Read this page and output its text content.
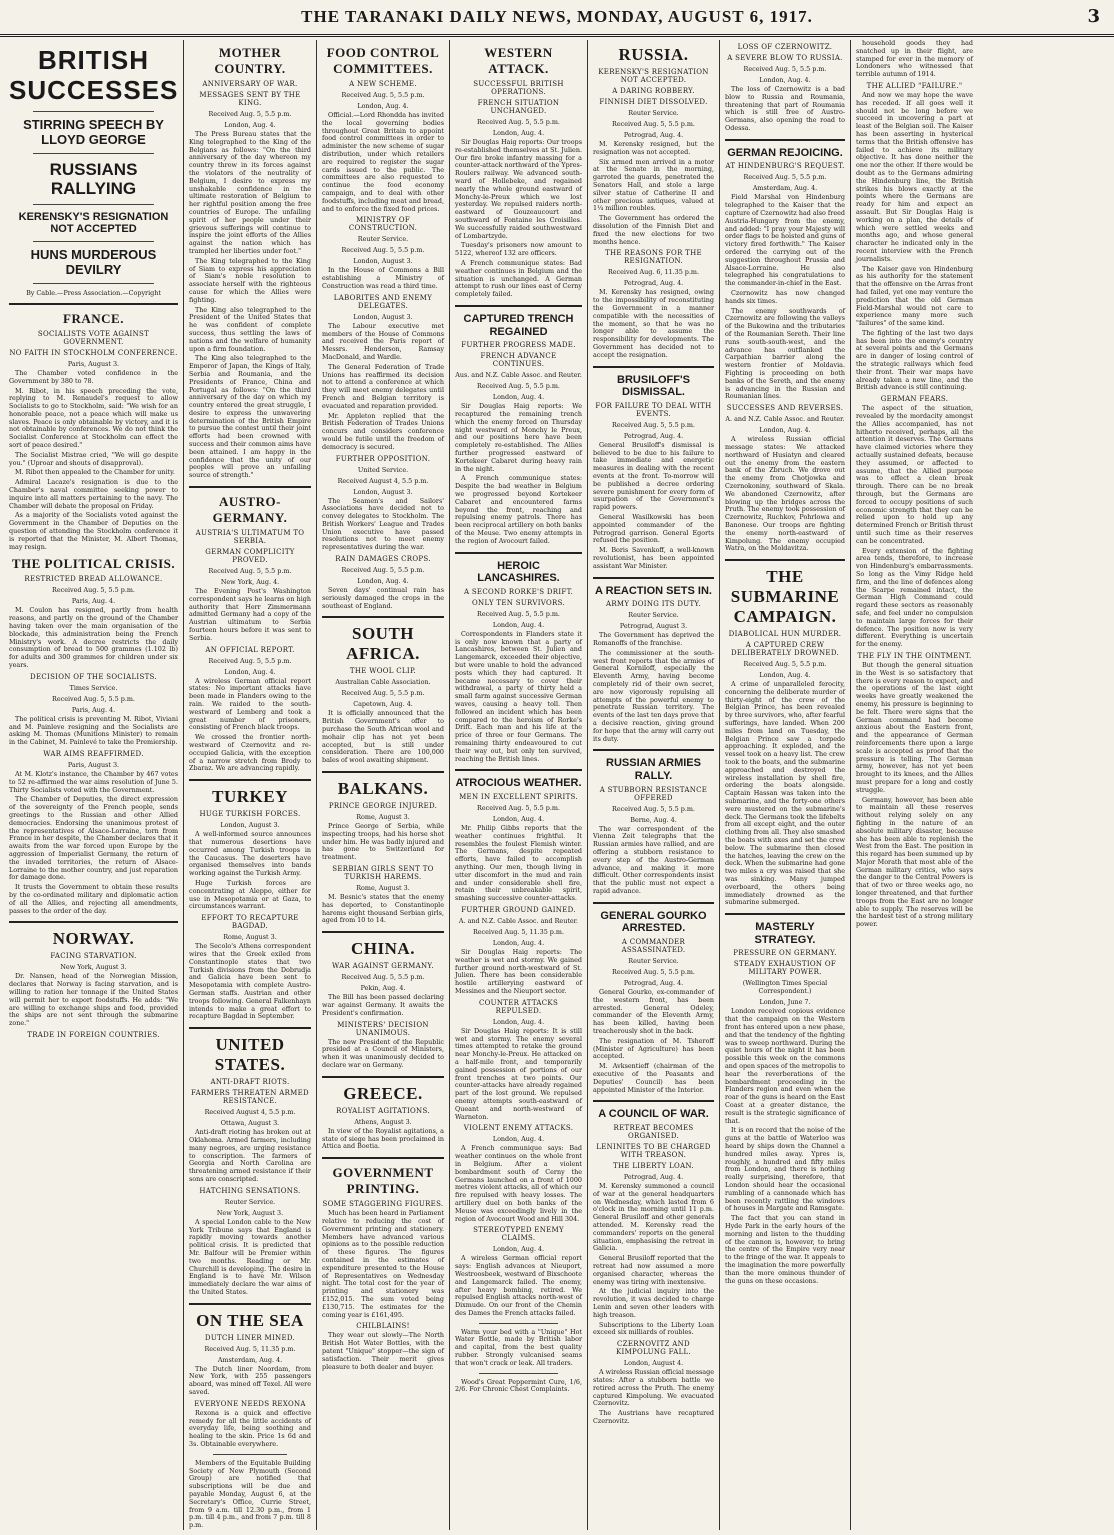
THE TARANAKI DAILY NEWS, MONDAY, AUGUST 6, 1917.	3
BRITISH SUCCESSES
STIRRING SPEECH BY LLOYD GEORGE
RUSSIANS RALLYING
KERENSKY'S RESIGNATION NOT ACCEPTED
HUNS MURDEROUS DEVILRY
By Cable.—Press Association.—Copyright
FRANCE.
SOCIALISTS VOTE AGAINST GOVERNMENT.
NO FAITH IN STOCKHOLM CONFERENCE.
Paris, August 3.

The Chamber voted confidence in the Government by 380 to 78.

M. Ribot, in his speech preceding the vote, replying to M. Renaudel's request to allow Socialists to go to Stockholm, said: "We wish for an honorable peace, not a peace which will make us slaves. Peace is only obtainable by victory, and it is not obtainable by conferences. We do not think the Socialist Conference at Stockholm can effect the sort of peace desired."

The Socialist Mistrae cried, "We will go despite you." (Uproar and shouts of disapproval).

M. Ribot then appealed to the Chamber for unity.

Admiral Lacaze's resignation is due to the Chamber's naval committee seeking power to inquire into all matters pertaining to the navy. The Chamber will debate the proposal on Friday.

As a majority of the Socialists voted against the Government in the Chamber of Deputies on the question of attending the Stockholm conference it is reported that the Minister, M. Albert Thomas, may resign.

THE POLITICAL CRISIS.
RESTRICTED BREAD ALLOWANCE.
Received Aug. 5, 5.5 p.m.
Paris, Aug. 4.

M. Coulon has resigned, partly from health reasons, and partly on the ground of the Chamber having taken over the main organisation of the blockade, this administration being the French Ministry's work. A decree restricts the daily consumption of bread to 500 grammes (1.102 lb) for adults and 300 grammes for children under six years.

DECISION OF THE SOCIALISTS.
Times Service.
Received Aug. 5, 5.5 p.m.
Paris, Aug. 4.

The political crisis is preventing M. Ribot, Viviani and M. Painleve resigning and the Socialists are asking M. Thomas (Munitions Minister) to remain in the Cabinet, M. Painlevé to take the Premiership.

WAR AIMS REAFFIRMED.
Paris, August 3.

At M. Klotz's instance, the Chamber by 467 votes to 52 re-affirmed the war aims resolution of June 5. Thirty Socialists voted with the Government.

The Chamber of Deputies, the direct expression of the sovereignty of the French people, sends greetings to the Russian and other Allied democracies. Endorsing the unanimous protest of the representatives of Alsace-Lorraine, torn from France in her despite, the Chamber declares that it awaits from the war forced upon Europe by the aggression of Imperialist Germany, the return of the invaded territories, the return of Alsace-Lorraine to the mother country, and just reparation for damage done.

It trusts the Government to obtain these results by the co-ordinated military and diplomatic action of all the Allies, and rejecting all amendments, passes to the order of the day.

NORWAY.
FACING STARVATION.
New York, August 3.

Dr. Nansen, head of the Norwegian Mission, declares that Norway is facing starvation, and is willing to ration her tonnage if the United States will permit her to export foodstuffs. He adds: "We are willing to exchange ships and food, provided the ships are not sent through the submarine zone."

TRADE IN FOREIGN COUNTRIES.
MOTHER COUNTRY.
ANNIVERSARY OF WAR.
MESSAGES SENT BY THE KING.
Received Aug. 5, 5.5 p.m.
London, Aug. 4.

The Press Bureau states that the King telegraphed to the King of the Belgians as follows: "On the third anniversary of the day whereon my country threw in its forces against the violators of the neutrality of Belgium, I desire to express my unshakable confidence in the ultimate restoration of Belgium to her rightful position among the free countries of Europe. The unfailing spirit of her people under their grievous sufferings will continue to inspire the joint efforts of the Allies against the nation which has trampled her liberties under foot."

The King telegraphed to the King of Siam to express his appreciation of Siam's noble resolution to associate herself with the righteous cause for which the Allies were fighting.

The King also telegraphed to the President of the United States that he was confident of complete success, thus settling the laws of nations and the welfare of humanity upon a firm foundation.

The King also telegraphed to the Emperor of Japan, the Kings of Italy, Serbia and Roumania, and the Presidents of France, China and Portugal as follows: "On the third anniversary of the day on which my country entered the great struggle, I desire to express the unwavering determination of the British Empire to pursue the contest until their joint efforts had been crowned with success and their common aims have been attained. I am happy in the confidence that the unity of our peoples will prove an unfailing source of strength."

AUSTRO-GERMANY.
AUSTRIA'S ULTIMATUM TO SERBIA.
GERMAN COMPLICITY PROVED.
Received Aug. 5, 5.5 p.m.
New York, Aug. 4.

The Evening Post's Washington correspondent says he learns on high authority that Herr Zimmermann admitted Germany had a copy of the Austrian ultimatum to Serbia fourteen hours before it was sent to Serbia.

AN OFFICIAL REPORT.
Received Aug. 5, 5.5 p.m.
London, Aug. 4.

A wireless German official report states: No important attacks have been made in Flanders owing to the rain. We raided to the south-westward of Lemberg and took a great number of prisoners, consisting of French black troops.

We crossed the frontier north-westward of Czernovitz and re-occupied Galicia, with the exception of a narrow stretch from Brody to Zbaraz. We are advancing rapidly.

TURKEY
HUGE TURKISH FORCES.
London, August 3.

A well-informed source announces that numerous desertions have occurred among Turkish troops in the Caucasus. The deserters have organised themselves into bands working against the Turkish Army.

Huge Turkish forces are concentrating at Aleppo, either for use in Mesopotamia or at Gaza, to circumstances warrant.

EFFORT TO RECAPTURE BAGDAD.
Rome, August 3.

The Secolo's Athens correspondent wires that the Greek exiled from Constantinople states that two Turkish divisions from the Dobrudja and Galicia have been sent to Mesopotamia with complete Austro-German staffs. Austrian and other troops following. General Falkenhayn intends to make a great effort to recapture Bagdad in September.

UNITED STATES.
ANTI-DRAFT RIOTS.
FARMERS THREATEN ARMED RESISTANCE.
Received August 4, 5.5 p.m.
Ottawa, August 3.

Anti-draft rioting has broken out at Oklahoma. Armed farmers, including many negroes, are urging resistance to conscription. The farmers of Georgia and North Carolina are threatening armed resistance if their sons are conscripted.

HATCHING SENSATIONS.
Reuter Service.
New York, August 3.

A special London cable to the New York Tribune says that England is rapidly moving towards another political crisis. It is predicted that Mr. Balfour will be Premier within two months. Reading or Mr. Churchill is developing. The desire in England is to have Mr. Wilson immediately declare the war aims of the United States.

ON THE SEA
DUTCH LINER MINED.
Received Aug. 5, 11.35 p.m.
Amsterdam, Aug. 4.

The Dutch liner Noordam, from New York, with 255 passengers aboard, was mined off Texel. All were saved.

EVERYONE NEEDS REXONA

Rexona is a quick and effective remedy for all the little accidents of everyday life, being soothing and healing to the skin. Price 1s 6d and 3s. Obtainable everywhere.

Members of the Equitable Building Society of New Plymouth (Second Group) are notified that subscriptions will be due and payable Monday, August 6, at the Secretary's Office, Currie Street, from 9 a.m. till 12.30 p.m., from 1 p.m. till 4 p.m., and from 7 p.m. till 8 p.m.

FOOD CONTROL COMMITTEES.
A NEW SCHEME.
Received Aug. 5, 5.5 p.m.
London, Aug. 4.

Official.—Lord Rhondda has invited the local governing bodies throughout Great Britain to appoint food control committees in order to administer the new scheme of sugar distribution, under which retailers are required to register the sugar cards issued to the public. The committees are also requested to continue the food economy campaign, and to deal with other foodstuffs, including meat and bread, and to enforce the fixed food prices.

MINISTRY OF CONSTRUCTION.
Reuter Service.
Received Aug. 5, 5.5 p.m.
London, August 3.

In the House of Commons a Bill establishing a Ministry of Construction was read a third time.

LABORITES AND ENEMY DELEGATES.
London, August 3.

The Labour executive met members of the House of Commons and received the Paris report of Messrs. Henderson, Ramsay MacDonald, and Wardle.

The General Federation of Trade Unions has reaffirmed its decision not to attend a conference at which they will meet enemy delegates until French and Belgian territory is evacuated and reparation provided.

Mr. Appleton replied that the British Federation of Trades Unions concurs and considers conference would be futile until the freedom of democracy is secured.

FURTHER OPPOSITION.
United Service.
Received August 4, 5.5 p.m.
London, August 3.

The Seamen's and Sailors' Associations have decided not to convey delegates to Stockholm. The British Workers' League and Trades Union executive have passed resolutions not to meet enemy representatives during the war.

RAIN DAMAGES CROPS.
Received Aug. 5, 5.5 p.m.
London, Aug. 4.

Seven days' continual rain has seriously damaged the crops in the southeast of England.

SOUTH AFRICA.
THE WOOL CLIP.
Australian Cable Association.
Received Aug. 5, 5.5 p.m.
Capetown, Aug. 4.

It is officially announced that the British Government's offer to purchase the South African wool and mohair clip has not yet been accepted, but is still under consideration. There are 100,000 bales of wool awaiting shipment.

BALKANS.
PRINCE GEORGE INJURED.
Rome, August 3.

Prince George of Serbia, while inspecting troops, had his horse shot under him. He was badly injured and has gone to Switzerland for treatment.

SERBIAN GIRLS SENT TO TURKISH HAREMS.
Rome, August 3.

M. Besnic's states that the enemy has deported, to Constantinople harems eight thousand Serbian girls, aged from 10 to 14.

CHINA.
WAR AGAINST GERMANY.
Received Aug. 5, 5.5 p.m.
Pekin, Aug. 4.

The Bill has been passed declaring war against Germany. It awaits the President's confirmation.

MINISTERS' DECISION UNANIMOUS.

The new President of the Republic presided at a Council of Ministers, when it was unanimously decided to declare war on Germany.

GREECE.
ROYALIST AGITATIONS.
Athens, August 3.

In view of the Royalist agitations, a state of siege has been proclaimed in Attica and Boetia.

GOVERNMENT PRINTING.
SOME STAGGERING FIGURES.

Much has been heard in Parliament relative to reducing the cost of Government printing and stationery. Members have advanced various opinions as to the possible reduction of these figures. The figures contained in the estimates of expenditure presented to the House of Representatives on Wednesday night. The total cost for the year of printing and stationery was £152,015. The sum voted being £130,715. The estimates for the coming year is £161,495.

CHILBLAINS!

They wear out slowly—The North British Hot Water Bottles, with the patent "Unique" stopper—the sign of satisfaction. Their merit gives pleasure to both dealer and buyer.

WESTERN ATTACK.
SUCCESSFUL BRITISH OPERATIONS.
FRENCH SITUATION UNCHANGED.
Received Aug. 5, 5.5 p.m.
London, Aug. 4.

Sir Douglas Haig reports: Our troops re-established themselves at St. Julien. Our fire broke infantry massing for a counter-attack northward of the Ypres-Roulers railway. We advanced south-ward of Hollebeke, and regained nearly the whole ground eastward of Monchy-le-Preux which we lost yesterday. We repulsed raiders north-eastward of Gouzeaucourt and southward of Fontaine les Croisilles. We successfully raided southwestward of Lombartzyde.

Tuesday's prisoners now amount to 5122, whereof 132 are officers.

A French communique states: Bad weather continues in Belgium and the situation is unchanged. A German attempt to rush our lines east of Cerny completely failed.

CAPTURED TRENCH REGAINED
FURTHER PROGRESS MADE.
FRENCH ADVANCE CONTINUES.
Aus. and N.Z. Cable Assoc. and Reuter.
Received Aug. 5, 5.5 p.m.
London, Aug. 4.

Sir Douglas Haig reports: We recaptured the remaining trench which the enemy forced on Thursday night westward of Monchy le Preux, and our positions here have been completely re-established. The Allies further progressed eastward of Kortekeer Cabaret during heavy rain in the night.

A French communique states: Despite the bad weather in Belgium we progressed beyond Kortekeer Cabaret and encountered farms beyond the front, reaching and repulsing enemy patrols. There has been reciprocal artillery on both banks of the Meuse. Two enemy attempts in the region of Avocourt failed.

HEROIC LANCASHIRES.
A SECOND RORKE'S DRIFT.
ONLY TEN SURVIVORS.
Received Aug. 5, 5.5 p.m.
London, Aug. 4.

Correspondents in Flanders state it is only now known that a party of Lancashires, between St. Julien and Langemarck, exceeded their objective, but were unable to hold the advanced posts which they had captured. It became necessary to cover their withdrawal, a party of thirty held a small farm against successive German waves, causing a heavy toll. Then followed an incident which has been compared to the heroism of Rorke's Drift. Each man and his life at the price of three or four Germans. The remaining thirty endeavoured to cut their way out, but only ten survived, reaching the British lines.

ATROCIOUS WEATHER.
MEN IN EXCELLENT SPIRITS.
Received Aug. 5, 5.5 p.m.
London, Aug. 4.

Mr. Philip Gibbs reports that the weather continues frightful. It resembles the foulest Flemish winter. The Germans, despite repeated efforts, have failed to accomplish anything. Our men, though living in utter discomfort in the mud and rain and under considerable shell fire, retain their unbreakable spirit, smashing successive counter-attacks.

FURTHER GROUND GAINED.
A. and N.Z. Cable Assoc. and Reuter.
Received Aug. 5, 11.35 p.m.
London, Aug. 4.

Sir Douglas Haig reports: The weather is wet and stormy. We gained further ground north-westward of St. Julien. There has been considerable hostile artillerying eastward of Messines and the Nieuport sector.

COUNTER ATTACKS REPULSED.
London, Aug. 4.

Sir Douglas Haig reports: It is still wet and stormy. The enemy several times attempted to retake the ground near Monchy-le-Preux. He attacked on a half-mile front, and temporarily gained possession of portions of our front trenches at two points. Our counter-attacks have already regained part of the lost ground. We repulsed enemy attempts south-eastward of Queant and north-westward of Warneton.

VIOLENT ENEMY ATTACKS.
London, Aug. 4.

A French communique says: Bad weather continues on the whole front in Belgium. After a violent bombardment south of Cerny the Germans launched on a front of 1000 metres violent attacks, all of which our fire repulsed with heavy losses. The artillery duel on both banks of the Meuse was exceedingly lively in the region of Avocourt Wood and Hill 304.

STEREOTYPED ENEMY CLAIMS.
London, Aug. 4.

A wireless German official report says: English advances at Nieuport, Westroosbeek, westward of Bixschoote and Langemarck failed. The enemy, after heavy bombing, retired. We repulsed English attacks north-west of Dixmude. On our front of the Chemin des Dames the French attacks failed.

Warm your bed with a "Unique" Hot Water Bottle, made by British labor and capital, from the best quality rubber. Strongly vulcanised seams that won't crack or leak. All traders.

Wood's Great Peppermint Cure, 1/6, 2/6. For Chronic Chest Complaints.

RUSSIA.
KERENSKY'S RESIGNATION NOT ACCEPTED.
A DARING ROBBERY.
FINNISH DIET DISSOLVED.
Reuter Service.
Received Aug. 5, 5.5 p.m.
Petrograd, Aug. 4.

M. Kerensky resigned, but the resignation was not accepted.

Six armed men arrived in a motor at the Senate in the morning, garroted the guards, penetrated the Senators Hall, and stole a large silver statue of Catherine II and other precious antiques, valued at 1¼ million roubles.

The Government has ordered the dissolution of the Finnish Diet and fixed the new elections for two months hence.

THE REASONS FOR THE RESIGNATION.
Received Aug. 6, 11.35 p.m.
Petrograd, Aug. 4.

M. Kerensky has resigned, owing to the impossibility of reconstituting the Government in a manner compatible with the necessities of the moment, so that he was no longer able to assume the responsibility for developments. The Government has decided not to accept the resignation.

BRUSILOFF'S DISMISSAL.
FOR FAILURE TO DEAL WITH EVENTS.
Received Aug. 5, 5.5 p.m.
Petrograd, Aug. 4.

General Brusiloff's dismissal is believed to be due to his failure to take immediate and energetic measures in dealing with the recent events at the front. To-morrow will be published a decree ordering severe punishment for every form of usurpation of the Government's rapid powers.

General Wasilkowski has been appointed commander of the Petrograd garrison. General Egorts refused the position.

M. Boris Savenkoff, a well-known revolutionist, has been appointed assistant War Minister.

A REACTION SETS IN.
ARMY DOING ITS DUTY.
Reuter Service.
Petrograd, August 3.

The Government has deprived the Romanoffs of the franchise.

The commissioner at the south-west front reports that the armies of General Korniloff, especially the Eleventh Army, having become completely rid of their own secret, are now vigorously repulsing all attempts of the powerful enemy to penetrate Russian territory. The events of the last ten days prove that a decisive reaction, giving ground for hope that the army will carry out its duty.

RUSSIAN ARMIES RALLY.
A STUBBORN RESISTANCE OFFERED
Received Aug. 5, 5.5 p.m.
Berne, Aug. 4.

The war correspondent of the Vienna Zeit telegraphs that the Russian armies have rallied, and are offering a stubborn resistance to every step of the Austro-German advance, and making it more difficult. Other correspondents insist that the public must not expect a rapid advance.

GENERAL GOURKO ARRESTED.
A COMMANDER ASSASSINATED.
Reuter Service.
Received Aug. 5, 5.5 p.m.
Petrograd, Aug. 4.

General Gourko, ex-commander of the western front, has been arrested. General Odeley, commander of the Eleventh Army, has been killed, having been treacherously shot in the back.

The resignation of M. Tsheroff (Minister of Agriculture) has been accepted.

M. Avksentieff (chairman of the executive of the Peasants and Deputies' Council) has been appointed Minister of the Interior.

A COUNCIL OF WAR.
RETREAT BECOMES ORGANISED.
LENINITES TO BE CHARGED WITH TREASON.
THE LIBERTY LOAN.
Petrograd, Aug. 4.

M. Kerensky summoned a council of war at the general headquarters on Wednesday, which lasted from 6 o'clock in the morning until 11 p.m. General Brusiloff and other generals attended. M. Kerensky read the commanders' reports on the general situation, emphasising the retreat in Galicia.

General Brusiloff reported that the retreat had now assumed a more organised character, whereas the enemy was tiring with inextensive.

At the judicial inquiry into the revolution, it was decided to charge Lenin and seven other leaders with high treason.

Subscriptions to the Liberty Loan exceed six milliards of roubles.

CZERNOVITZ AND KIMPOLUNG FALL.
London, August 4.

A wireless Russian official message states: After a stubborn battle we retired across the Pruth. The enemy captured Kimpolung. We evacuated Czernovitz.

The Austrians have recaptured Czernovitz.

LOSS OF CZERNOWITZ.
A SEVERE BLOW TO RUSSIA.
Received Aug. 5, 5.5 p.m.
London, Aug. 4.

The loss of Czernowitz is a bad blow to Russia and Roumania, threatening that part of Roumania which is still free of Austro-Germans, also opening the road to Odessa.

GERMAN REJOICING.
AT HINDENBURG'S REQUEST.
Received Aug. 5, 5.5 p.m.
Amsterdam, Aug. 4.

Field Marshal von Hindenburg telegraphed to the Kaiser that the capture of Czernowitz had also freed Austria-Hungary from the enemy, and added: "I pray your Majesty will order flags to be hoisted and guns of victory fired forthwith." The Kaiser ordered the carrying out of the suggestion throughout Prussia and Alsace-Lorraine. He also telegraphed his congratulations to the commander-in-chief in the East.

Czernowitz has now changed hands six times.

The enemy southwards of Czernowitz are following the valleys of the Bukowina and the tributaries of the Roumanian Sereth. Their line runs south-south-west, and the advance has outflanked the Carpathian barrier along the western frontier of Moldavia. Fighting is proceeding on both banks of the Sereth, and the enemy is advancing in the Russian and Roumanian lines.

SUCCESSES AND REVERSES.
A. and N.Z. Cable Assoc. and Reuter.
London, Aug. 4.

A wireless Russian official message states: We attacked northward of Husiatyn and cleared out the enemy from the eastern bank of the Zbruch. We drove out the enemy from Chotjowka and Czernokoniny, southward of Skala. We abandoned Czernowitz, after blowing up the bridges across the Pruth. The enemy took possession of Czernowitz, Ruchkov, Pohrlowa and Banonese. Our troops are fighting the enemy north-eastward of Kimpolung. The enemy occupied Watra, on the Moldavitza.

THE SUBMARINE CAMPAIGN.
DIABOLICAL HUN MURDER.
A CAPTURED CREW DELIBERATELY DROWNED.
Received Aug. 5, 5.5 p.m.
London, Aug. 4.

A crime of unparalleled ferocity, concerning the deliberate murder of thirty-eight of the crew of the Belgian Prince, has been revealed by three survivors, who, after fearful sufferings, have landed. When 200 miles from land on Tuesday, the Belgian Prince saw a torpedo approaching. It exploded, and the vessel took on a heavy list. The crew took to the boats, and the submarine approached and destroyed the wireless installation by shell fire, ordering the boats alongside. Captain Hassan was taken into the submarine, and the forty-one others were mustered on the submarine's deck. The Germans took the lifebelts from all except eight, and the outer clothing from all. They also smashed the boats with axes and set the crew below. The submarine then closed the hatches, leaving the crew on the deck. When the submarine had gone two miles a cry was raised that she was sinking. Many jumped overboard, the others being immediately drowned as the submarine submerged.

MASTERLY STRATEGY.
PRESSURE ON GERMANY.
STEADY EXHAUSTION OF MILITARY POWER.
(Wellington Times Special Correspondent.)
London, June 7.

London received copious evidence that the campaign on the Western front has entered upon a new phase, and that the tendency of the fighting was to sweep northward. During the quiet hours of the night it has been possible this week on the commons and open spaces of the metropolis to hear the reverberations of the bombardment proceeding in the Flanders region and even when the roar of the guns is heard on the East Coast at a greater distance, the result is the strategic significance of that.

It is on record that the noise of the guns at the battle of Waterloo was heard by ships down the Channel a hundred miles away. Ypres is, roughly, a hundred and fifty miles from London, and there is nothing really surprising, therefore, that London should hear the occasional rumbling of a cannonade which has been recently rattling the windows of houses in Margate and Ramsgate.

The fact that you can stand in Hyde Park in the early hours of the morning and listen to the thudding of the cannon is, however, to bring the centre of the Empire very near to the fringe of the war. It appeals to the imagination the more powerfully than the more ominous thunder of the guns on these occasions.

household goods they had snatched up in their flight, are stamped for ever in the memory of Londoners who witnessed that terrible autumn of 1914.

THE ALLIED "FAILURE."

And now we may hope the wave has receded. If all goes well it should not be long before we succeed in uncovering a part at least of the Belgian soil. The Kaiser has been asserting in hysterical terms that the British offensive has failed to achieve its military objective. It has done neither the one nor the other. If there would be doubt as to the Germans admiring the Hindenburg line, the British strikes his blows exactly at the points where the Germans are ready for him and expect an assault. But Sir Douglas Haig is working on a plan, the details of which were settled weeks and months ago, and whose general character he indicated only in the recent interview with the French journalists.

The Kaiser gave von Hindenburg as his authority for the statement that the offensive on the Arras front had failed, yet one may venture the prediction that the old German Field-Marshal would not care to experience many more such "failures" of the same kind.

The fighting of the last two days has been into the enemy's country at several points and the Germans are in danger of losing control of the strategic railways which feed their front. Their war maps have already taken a new line, and the British advance is still continuing.

GERMAN FEARS.

The aspect of the situation, revealed by the mordacity amongst the Allies accompanied, has not hitherto received, perhaps, all the attention it deserves. The Germans have claimed victories where they actually sustained defeats, because they assumed, or affected to assume, that the Allied purpose was to effect a clean break through. There can be no break through, but the Germans are forced to occupy positions of such economic strength that they can be relied upon to hold up any determined French or British thrust until such time as their reserves can be concentrated.

Every extension of the fighting area tends, therefore, to increase von Hindenburg's embarrassments. So long as the Vimy Ridge held firm, and the line of defences along the Scarpe remained intact, the German High Command could regard these sectors as reasonably safe, and feel under no compulsion to maintain large forces for their defence. The position now is very different. Everything is uncertain for the enemy.

THE FLY IN THE OINTMENT.

But though the general situation in the West is so satisfactory that there is every reason to expect, and the operations of the last eight weeks have greatly weakened the enemy, his pressure is beginning to be felt. There were signs that the German command had become anxious about the Eastern front, and the appearance of German reinforcements there upon a large scale is accepted as proof that the pressure is telling. The German army, however, has not yet been brought to its knees, and the Allies must prepare for a long and costly struggle.

Germany, however, has been able to maintain all these reserves without relying solely on any fighting in the nature of an absolute military disaster, because she has been able to replenish the West from the East. The position in this regard has been summed up by Major Morath that most able of the German military critics, who says the danger to the Central Powers is that of two or three weeks ago, no longer threatened, and that further troops from the East are no longer able to supply. The reserves will be the hardest test of a strong military power.
